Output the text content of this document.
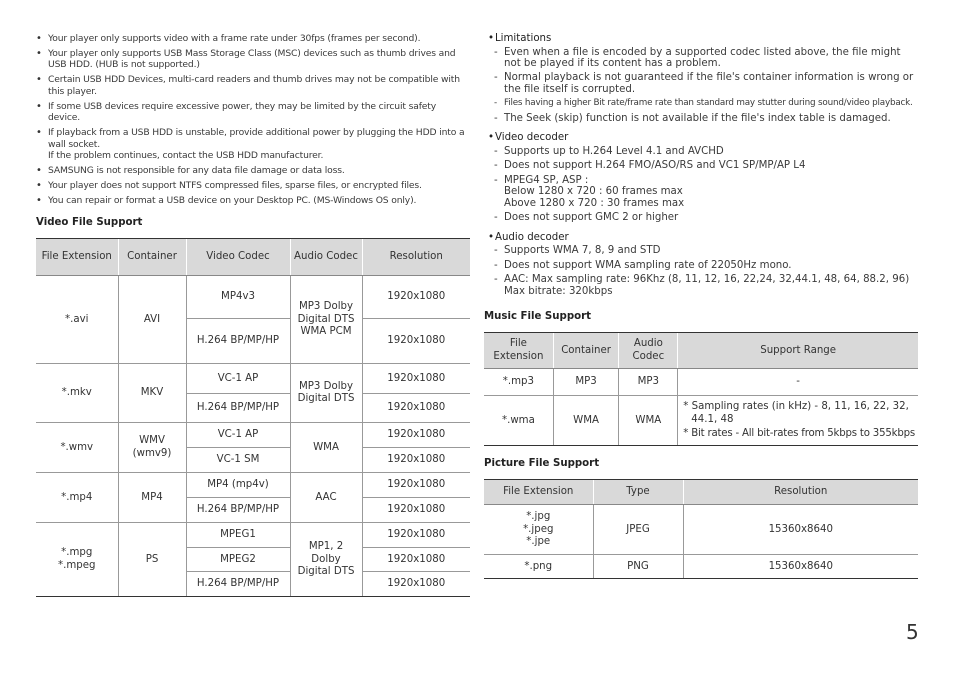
• Your player only supports video with a frame rate under 30fps (frames per second).
• Your player only supports USB Mass Storage Class (MSC) devices such as thumb drives and USB HDD. (HUB is not supported.)
• Certain USB HDD Devices, multi-card readers and thumb drives may not be compatible with this player.
• If some USB devices require excessive power, they may be limited by the circuit safety device.
• If playback from a USB HDD is unstable, provide additional power by plugging the HDD into a wall socket.
If the problem continues, contact the USB HDD manufacturer.
• SAMSUNG is not responsible for any data file damage or data loss.
• Your player does not support NTFS compressed files, sparse files, or encrypted files.
• You can repair or format a USB device on your Desktop PC. (MS-Windows OS only).
Video File Support
File Extension	Container	Video Codec	Audio Codec	Resolution
*.avi	AVI	MP4v3	MP3 Dolby Digital DTS WMA PCM	1920x1080
		H.264 BP/MP/HP		1920x1080
*.mkv	MKV	VC-1 AP	MP3 Dolby Digital DTS	1920x1080
		H.264 BP/MP/HP		1920x1080
*.wmv	WMV (wmv9)	VC-1 AP	WMA	1920x1080
		VC-1 SM		1920x1080
*.mp4	MP4	MP4 (mp4v)	AAC	1920x1080
		H.264 BP/MP/HP		1920x1080
*.mpg
*.mpeg	PS	MPEG1	MP1, 2 Dolby Digital DTS	1920x1080
		MPEG2		1920x1080
		H.264 BP/MP/HP		1920x1080
•Limitations
- Even when a file is encoded by a supported codec listed above, the file might not be played if its content has a problem.
- Normal playback is not guaranteed if the file's container information is wrong or the file itself is corrupted.
- Files having a higher Bit rate/frame rate than standard may stutter during sound/video playback.
- The Seek (skip) function is not available if the file's index table is damaged.
•Video decoder
- Supports up to H.264 Level 4.1 and AVCHD
- Does not support H.264 FMO/ASO/RS and VC1 SP/MP/AP L4
- MPEG4 SP, ASP :
Below 1280 x 720 : 60 frames max
Above 1280 x 720 : 30 frames max
- Does not support GMC 2 or higher
•Audio decoder
- Supports WMA 7, 8, 9 and STD
- Does not support WMA sampling rate of 22050Hz mono.
- AAC: Max sampling rate: 96Khz (8, 11, 12, 16, 22,24, 32,44.1, 48, 64, 88.2, 96)
Max bitrate: 320kbps
Music File Support
File Extension	Container	Audio Codec	Support Range
*.mp3	MP3	MP3	-
*.wma	WMA	WMA	* Sampling rates (in kHz) - 8, 11, 16, 22, 32, 44.1, 48
* Bit rates - All bit-rates from 5kbps to 355kbps
Picture File Support
File Extension	Type	Resolution
*.jpg
*.jpeg
*.jpe	JPEG	15360x8640
*.png	PNG	15360x8640
5
